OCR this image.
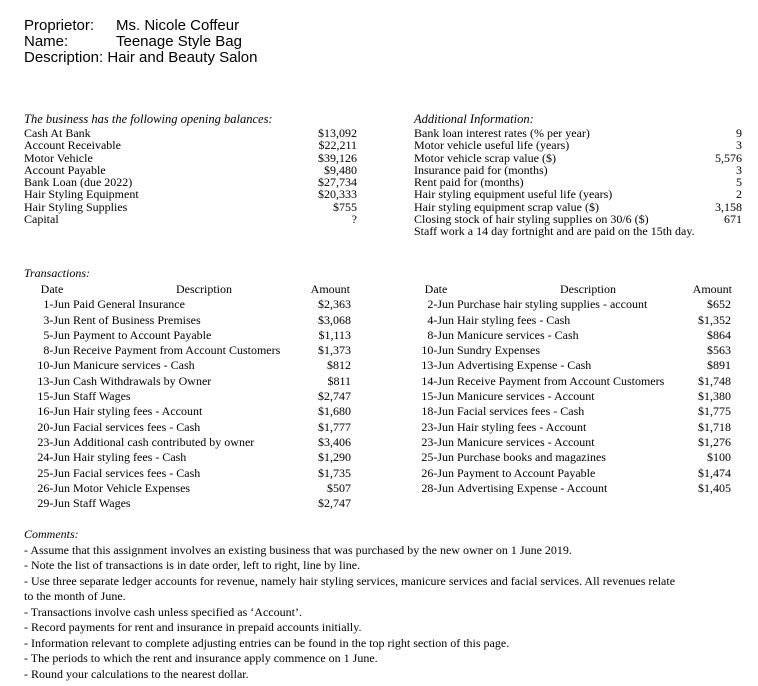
Proprietor: Ms. Nicole Coffeur
Name:	Teenage Style Bag
Description: Hair and Beauty Salon
The business has the following opening balances:
Cash At Bank	$13,092
Account Receivable	$22,211
Motor Vehicle	$39,126
Account Payable	$9,480
Bank Loan (due 2022)	$27,734
Hair Styling Equipment	$20,333
Hair Styling Supplies	$755
Capital	?
Additional Information:
Bank loan interest rates (% per year)	9
Motor vehicle useful life (years)	3
Motor vehicle scrap value ($)	5,576
Insurance paid for (months)	3
Rent paid for (months)	5
Hair styling equipment useful life (years)	2
Hair styling equipment scrap value ($)	3,158
Closing stock of hair styling supplies on 30/6 ($)	671
Staff work a 14 day fortnight and are paid on the 15th day.
Transactions:
Date	Description	Amount
1-Jun Paid General Insurance	$2,363
3-Jun Rent of Business Premises	$3,068
5-Jun Payment to Account Payable	$1,113
8-Jun Receive Payment from Account Customers	$1,373
10-Jun Manicure services - Cash	$812
13-Jun Cash Withdrawals by Owner	$811
15-Jun Staff Wages	$2,747
16-Jun Hair styling fees - Account	$1,680
20-Jun Facial services fees - Cash	$1,777
23-Jun Additional cash contributed by owner	$3,406
24-Jun Hair styling fees - Cash	$1,290
25-Jun Facial services fees - Cash	$1,735
26-Jun Motor Vehicle Expenses	$507
29-Jun Staff Wages	$2,747
Date	Description	Amount
2-Jun Purchase hair styling supplies - account	$652
4-Jun Hair styling fees - Cash	$1,352
8-Jun Manicure services - Cash	$864
10-Jun Sundry Expenses	$563
13-Jun Advertising Expense - Cash	$891
14-Jun Receive Payment from Account Customers	$1,748
15-Jun Manicure services - Account	$1,380
18-Jun Facial services fees - Cash	$1,775
23-Jun Hair styling fees - Account	$1,718
23-Jun Manicure services - Account	$1,276
25-Jun Purchase books and magazines	$100
26-Jun Payment to Account Payable	$1,474
28-Jun Advertising Expense - Account	$1,405
Comments:
- Assume that this assignment involves an existing business that was purchased by the new owner on 1 June 2019.
- Note the list of transactions is in date order, left to right, line by line.
- Use three separate ledger accounts for revenue, namely hair styling services, manicure services and facial services. All revenues relate
to the month of June.
- Transactions involve cash unless specified as ‘Account’.
- Record payments for rent and insurance in prepaid accounts initially.
- Information relevant to complete adjusting entries can be found in the top right section of this page.
- The periods to which the rent and insurance apply commence on 1 June.
- Round your calculations to the nearest dollar.
